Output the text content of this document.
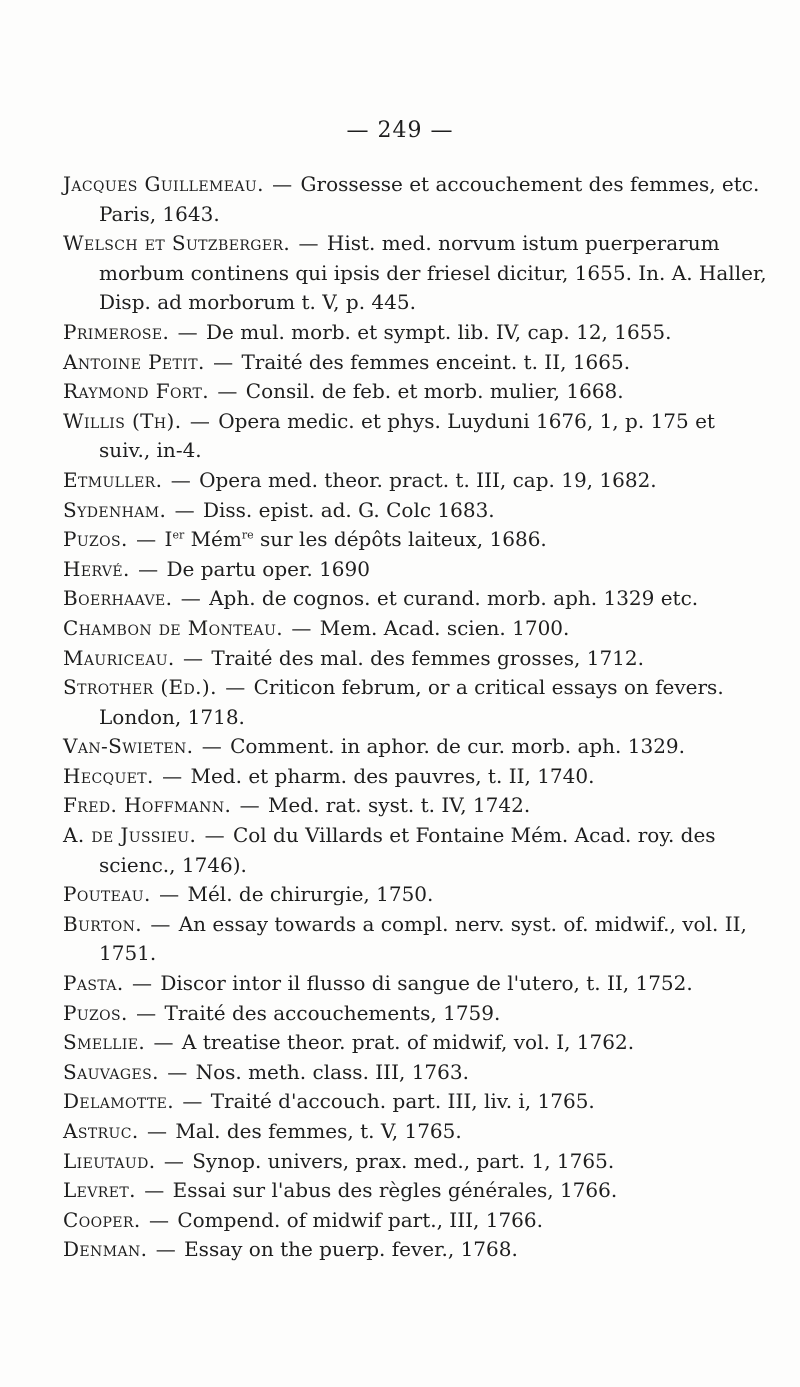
— 249 —
Jacques Guillemeau. — Grossesse et accouchement des femmes, etc. Paris, 1643.
Welsch et Sutzberger. — Hist. med. norvum istum puerperarum morbum continens qui ipsis der friesel dicitur, 1655. In. A. Haller, Disp. ad morborum t. V, p. 445.
Primerose. — De mul. morb. et sympt. lib. IV, cap. 12, 1655.
Antoine Petit. — Traité des femmes enceint. t. II, 1665.
Raymond Fort. — Consil. de feb. et morb. mulier, 1668.
Willis (Th). — Opera medic. et phys. Luyduni 1676, 1, p. 175 et suiv., in-4.
Etmuller. — Opera med. theor. pract. t. III, cap. 19, 1682.
Sydenham. — Diss. epist. ad. G. Colc 1683.
Puzos. — Ier Mém$^{re}$ sur les dépôts laiteux, 1686.
Hervé. — De partu oper. 1690
Boerhaave. — Aph. de cognos. et curand. morb. aph. 1329 etc.
Chambon de Monteau. — Mem. Acad. scien. 1700.
Mauriceau. — Traité des mal. des femmes grosses, 1712.
Strother (Ed.). — Criticon februm, or a critical essays on fevers. London, 1718.
Van-Swieten. — Comment. in aphor. de cur. morb. aph. 1329.
Hecquet. — Med. et pharm. des pauvres, t. II, 1740.
Fred. Hoffmann. — Med. rat. syst. t. IV, 1742.
A. de Jussieu. — Col du Villards et Fontaine Mém. Acad. roy. des scienc., 1746).
Pouteau. — Mél. de chirurgie, 1750.
Burton. — An essay towards a compl. nerv. syst. of. midwif., vol. II, 1751.
Pasta. — Discor intor il flusso di sangue de l'utero, t. II, 1752.
Puzos. — Traité des accouchements, 1759.
Smellie. — A treatise theor. prat. of midwif, vol. I, 1762.
Sauvages. — Nos. meth. class. III, 1763.
Delamotte. — Traité d'accouch. part. III, liv. i, 1765.
Astruc. — Mal. des femmes, t. V, 1765.
Lieutaud. — Synop. univers, prax. med., part. 1, 1765.
Levret. — Essai sur l'abus des règles générales, 1766.
Cooper. — Compend. of midwif part., III, 1766.
Denman. — Essay on the puerp. fever., 1768.
